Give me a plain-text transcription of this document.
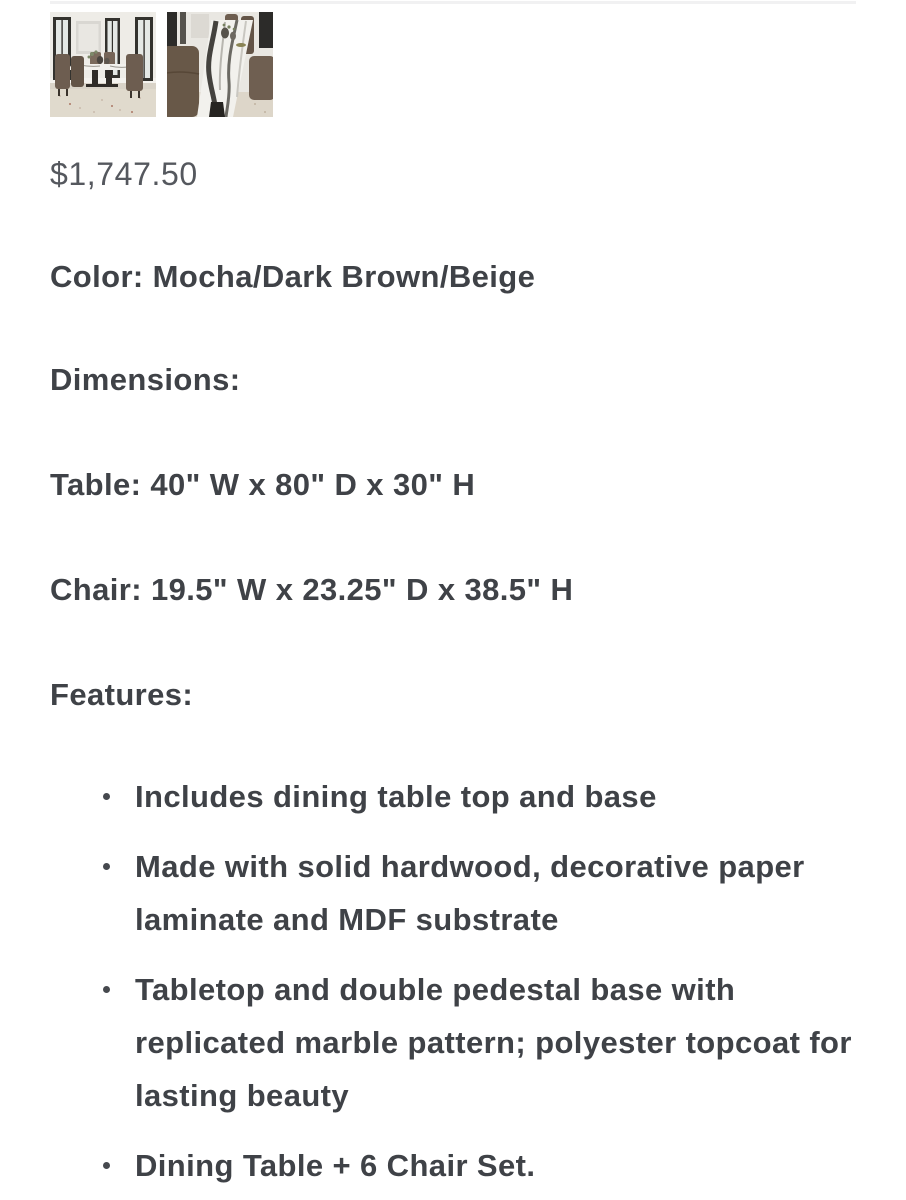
$1,747.50
Color: Mocha/Dark Brown/Beige
Dimensions:
Table: 40" W x 80" D x 30" H
Chair: 19.5" W x 23.25" D x 38.5" H
Features:
Includes dining table top and base
Made with solid hardwood, decorative paper laminate and MDF substrate
Tabletop and double pedestal base with replicated marble pattern; polyester topcoat for lasting beauty
Dining Table + 6 Chair Set.
